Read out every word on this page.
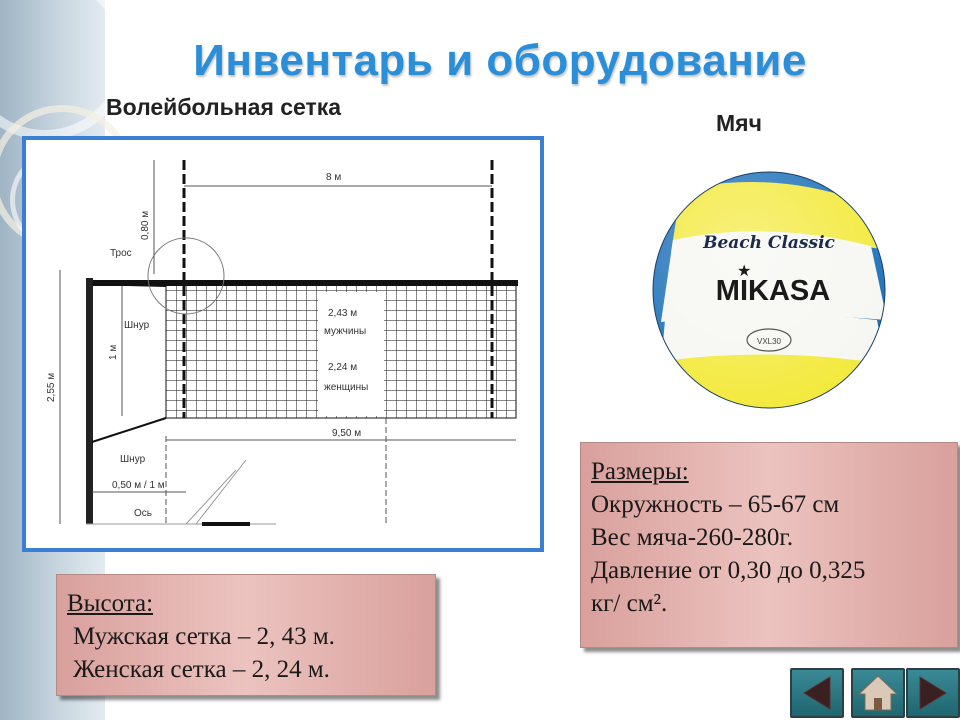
Инвентарь и оборудование
Волейбольная сетка
Мяч
8 м
0,80 м
Трос
Шнур
1 м
2,43 м
мужчины
2,24 м
женщины
2,55 м
Шнур
9,50 м
0,50 м / 1 м
Ось
Beach Classic
MIKASA
★
VXL30
Высота:
Мужская сетка – 2, 43 м.
Женская сетка – 2, 24 м.
Размеры:
Окружность – 65-67 см
Вес мяча-260-280г.
Давление от 0,30 до 0,325
кг/ см².
